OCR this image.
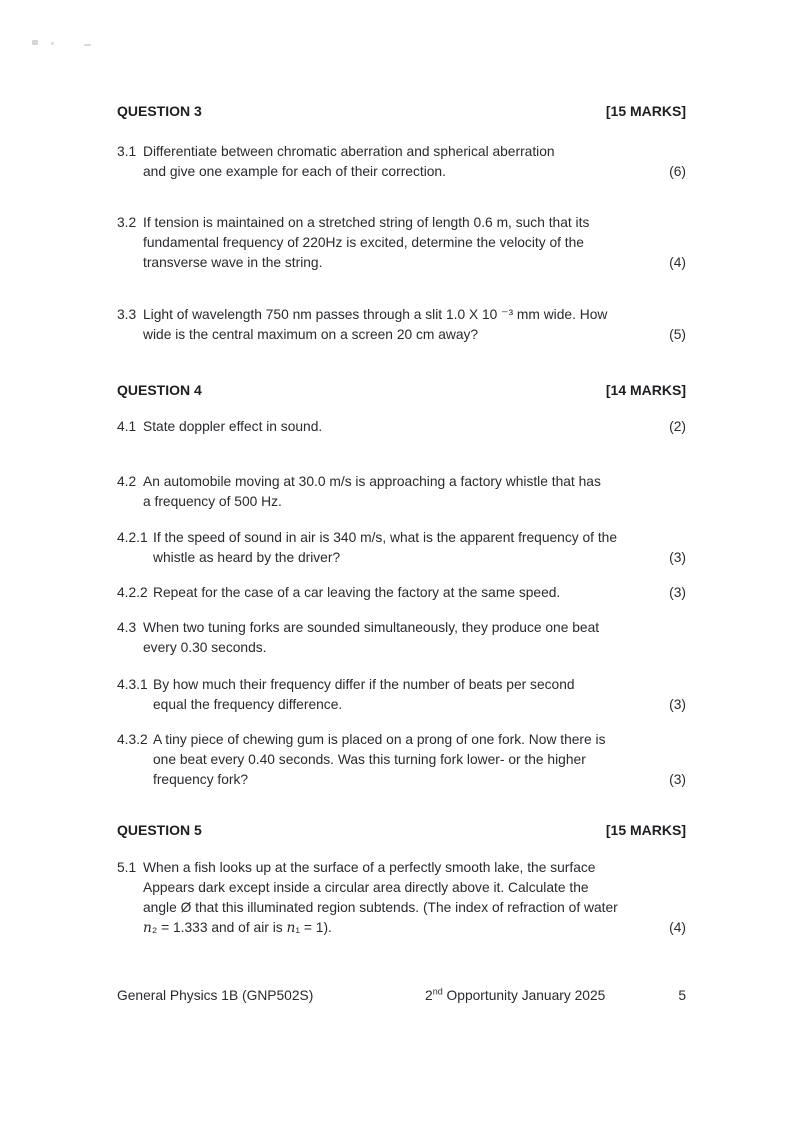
QUESTION 3	[15 MARKS]
3.1 Differentiate between chromatic aberration and spherical aberration
and give one example for each of their correction.	(6)
3.2 If tension is maintained on a stretched string of length 0.6 m, such that its
fundamental frequency of 220Hz is excited, determine the velocity of the
transverse wave in the string.	(4)
3.3 Light of wavelength 750 nm passes through a slit 1.0 X 10 ⁻³ mm wide. How
wide is the central maximum on a screen 20 cm away?	(5)
QUESTION 4	[14 MARKS]
4.1 State doppler effect in sound.	(2)
4.2 An automobile moving at 30.0 m/s is approaching a factory whistle that has
a frequency of 500 Hz.
4.2.1 If the speed of sound in air is 340 m/s, what is the apparent frequency of the
whistle as heard by the driver?	(3)
4.2.2 Repeat for the case of a car leaving the factory at the same speed.	(3)
4.3 When two tuning forks are sounded simultaneously, they produce one beat
every 0.30 seconds.
4.3.1 By how much their frequency differ if the number of beats per second
equal the frequency difference.	(3)
4.3.2 A tiny piece of chewing gum is placed on a prong of one fork. Now there is
one beat every 0.40 seconds. Was this turning fork lower- or the higher
frequency fork?	(3)
QUESTION 5	[15 MARKS]
5.1 When a fish looks up at the surface of a perfectly smooth lake, the surface
Appears dark except inside a circular area directly above it. Calculate the
angle Ø that this illuminated region subtends. (The index of refraction of water
n₂ = 1.333 and of air is n₁ = 1).	(4)
General Physics 1B (GNP502S)	2nd Opportunity January 2025	5
